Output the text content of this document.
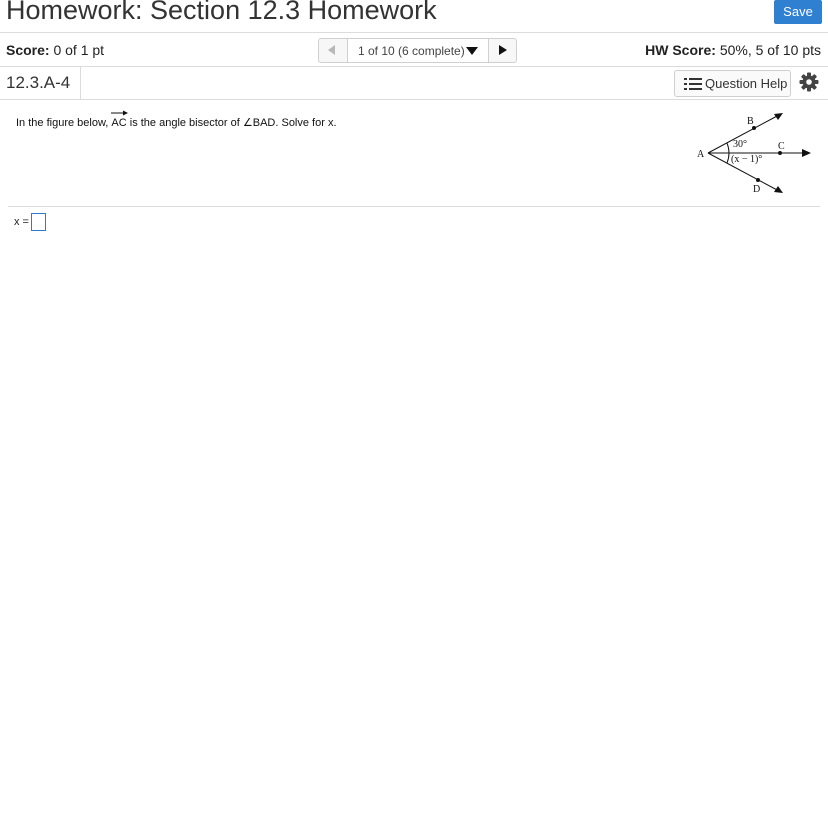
Homework: Section 12.3 Homework	Save
Score: 0 of 1 pt	1 of 10 (6 complete)	HW Score: 50%, 5 of 10 pts
12.3.A-4	Question Help
In the figure below,
AC is the angle bisector of ∠BAD. Solve for x.
A
B
C
D
30°
(x − 1)°
x =
